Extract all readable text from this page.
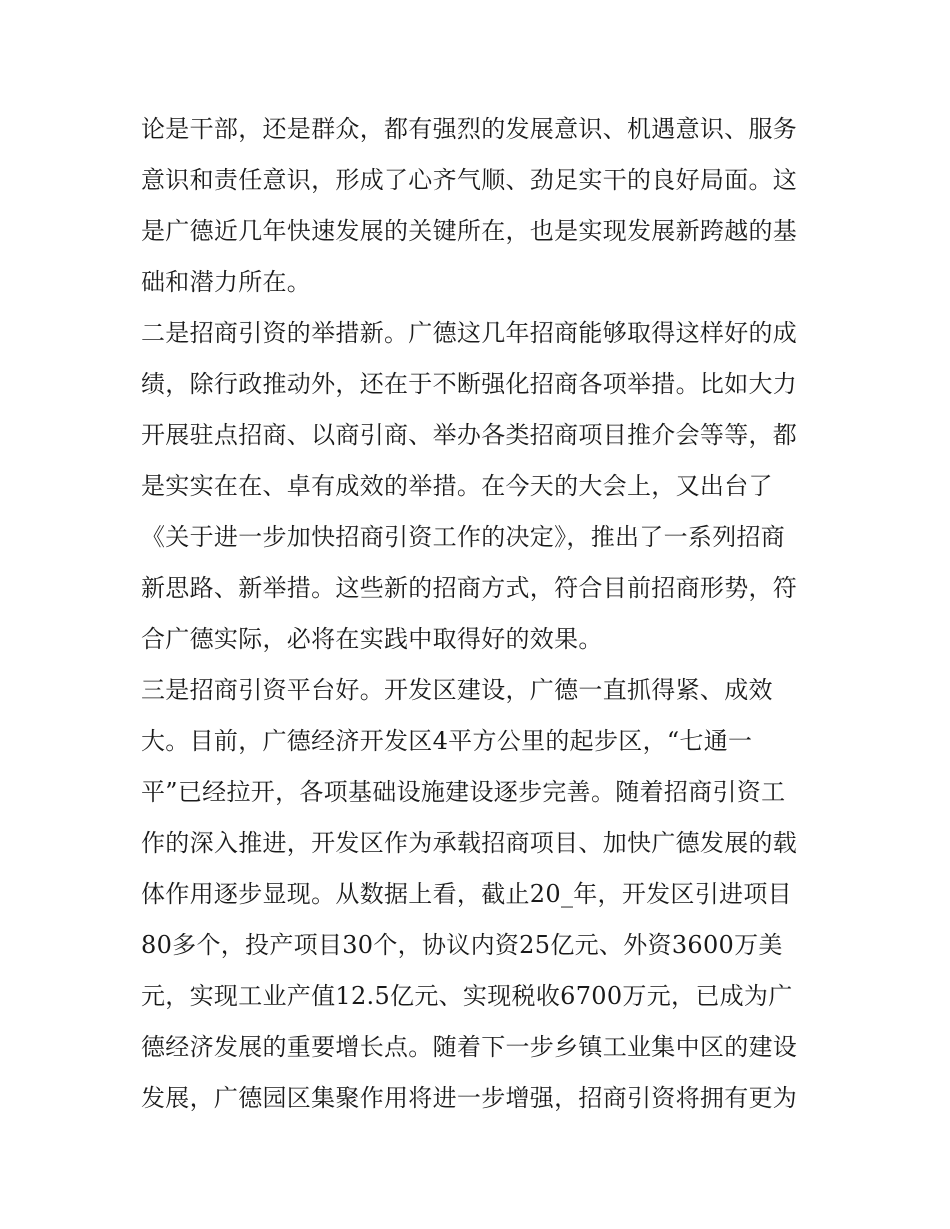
论是干部，还是群众，都有强烈的发展意识、机遇意识、服务
意识和责任意识，形成了心齐气顺、劲足实干的良好局面。这
是广德近几年快速发展的关键所在，也是实现发展新跨越的基
础和潜力所在。
二是招商引资的举措新。广德这几年招商能够取得这样好的成
绩，除行政推动外，还在于不断强化招商各项举措。比如大力
开展驻点招商、以商引商、举办各类招商项目推介会等等，都
是实实在在、卓有成效的举措。在今天的大会上，又出台了
《关于进一步加快招商引资工作的决定》，推出了一系列招商
新思路、新举措。这些新的招商方式，符合目前招商形势，符
合广德实际，必将在实践中取得好的效果。
三是招商引资平台好。开发区建设，广德一直抓得紧、成效
大。目前，广德经济开发区4平方公里的起步区，“七通一
平”已经拉开，各项基础设施建设逐步完善。随着招商引资工
作的深入推进，开发区作为承载招商项目、加快广德发展的载
体作用逐步显现。从数据上看，截止20_年，开发区引进项目
80多个，投产项目30个，协议内资25亿元、外资3600万美
元，实现工业产值12.5亿元、实现税收6700万元，已成为广
德经济发展的重要增长点。随着下一步乡镇工业集中区的建设
发展，广德园区集聚作用将进一步增强，招商引资将拥有更为
